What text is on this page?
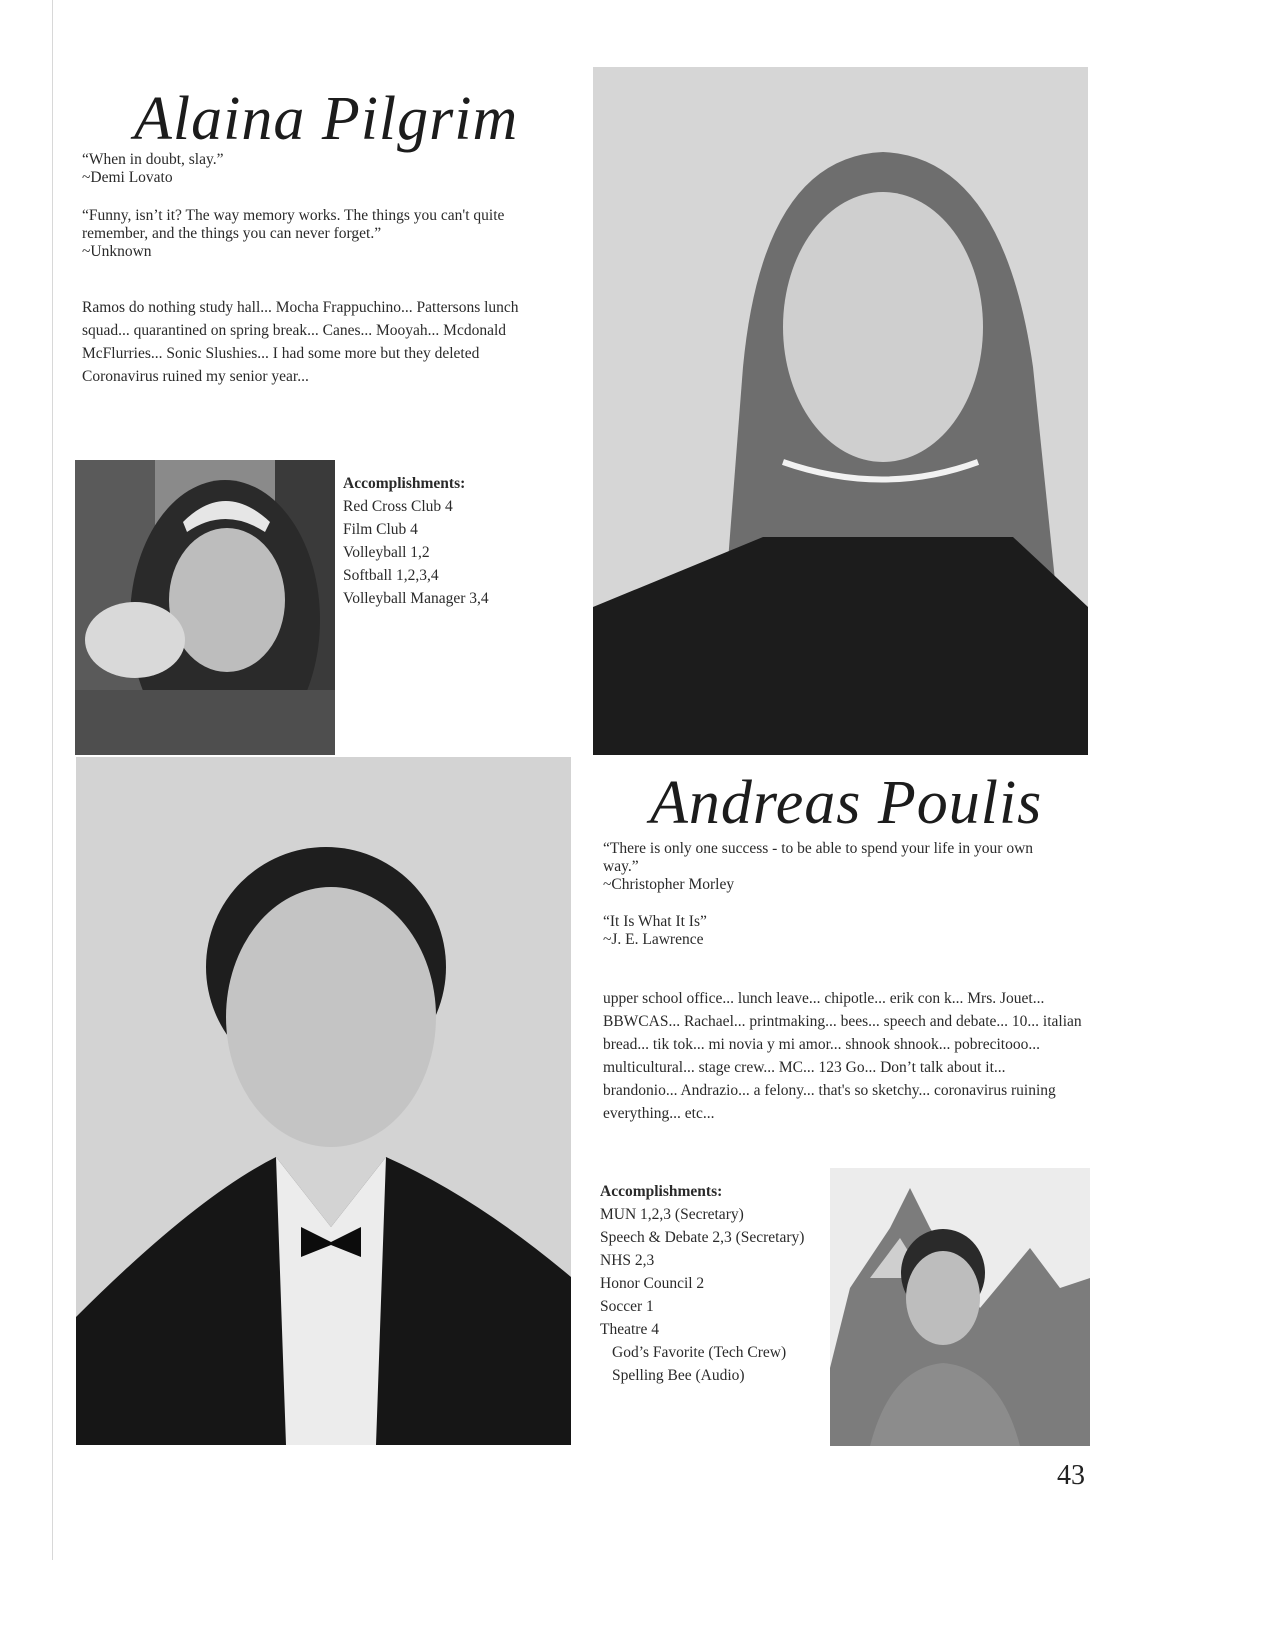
Alaina Pilgrim

“When in doubt, slay.”

~Demi Lovato

“Funny, isn’t it? The way memory works. The things you can't quite remember, and the things you can never forget.”

~Unknown

Ramos do nothing study hall... Mocha Frappuchino... Pattersons lunch squad... quarantined on spring break... Canes... Mooyah... Mcdonald McFlurries... Sonic Slushies... I had some more but they deleted Coronavirus ruined my senior year...

Accomplishments:
Red Cross Club 4
Film Club 4
Volleyball 1,2
Softball 1,2,3,4
Volleyball Manager 3,4
Andreas Poulis

“There is only one success - to be able to spend your life in your own way.”

~Christopher Morley

“It Is What It Is”

~J. E. Lawrence

upper school office... lunch leave... chipotle... erik con k... Mrs. Jouet... BBWCAS... Rachael... printmaking... bees... speech and debate... 10... italian bread... tik tok... mi novia y mi amor... shnook shnook... pobrecitooo... multicultural... stage crew... MC... 123 Go... Don’t talk about it... brandonio... Andrazio... a felony... that's so sketchy... coronavirus ruining everything... etc...

Accomplishments:
MUN 1,2,3 (Secretary)
Speech & Debate 2,3 (Secretary)
NHS 2,3
Honor Council 2
Soccer 1
Theatre 4
God’s Favorite (Tech Crew)
Spelling Bee (Audio)
43
